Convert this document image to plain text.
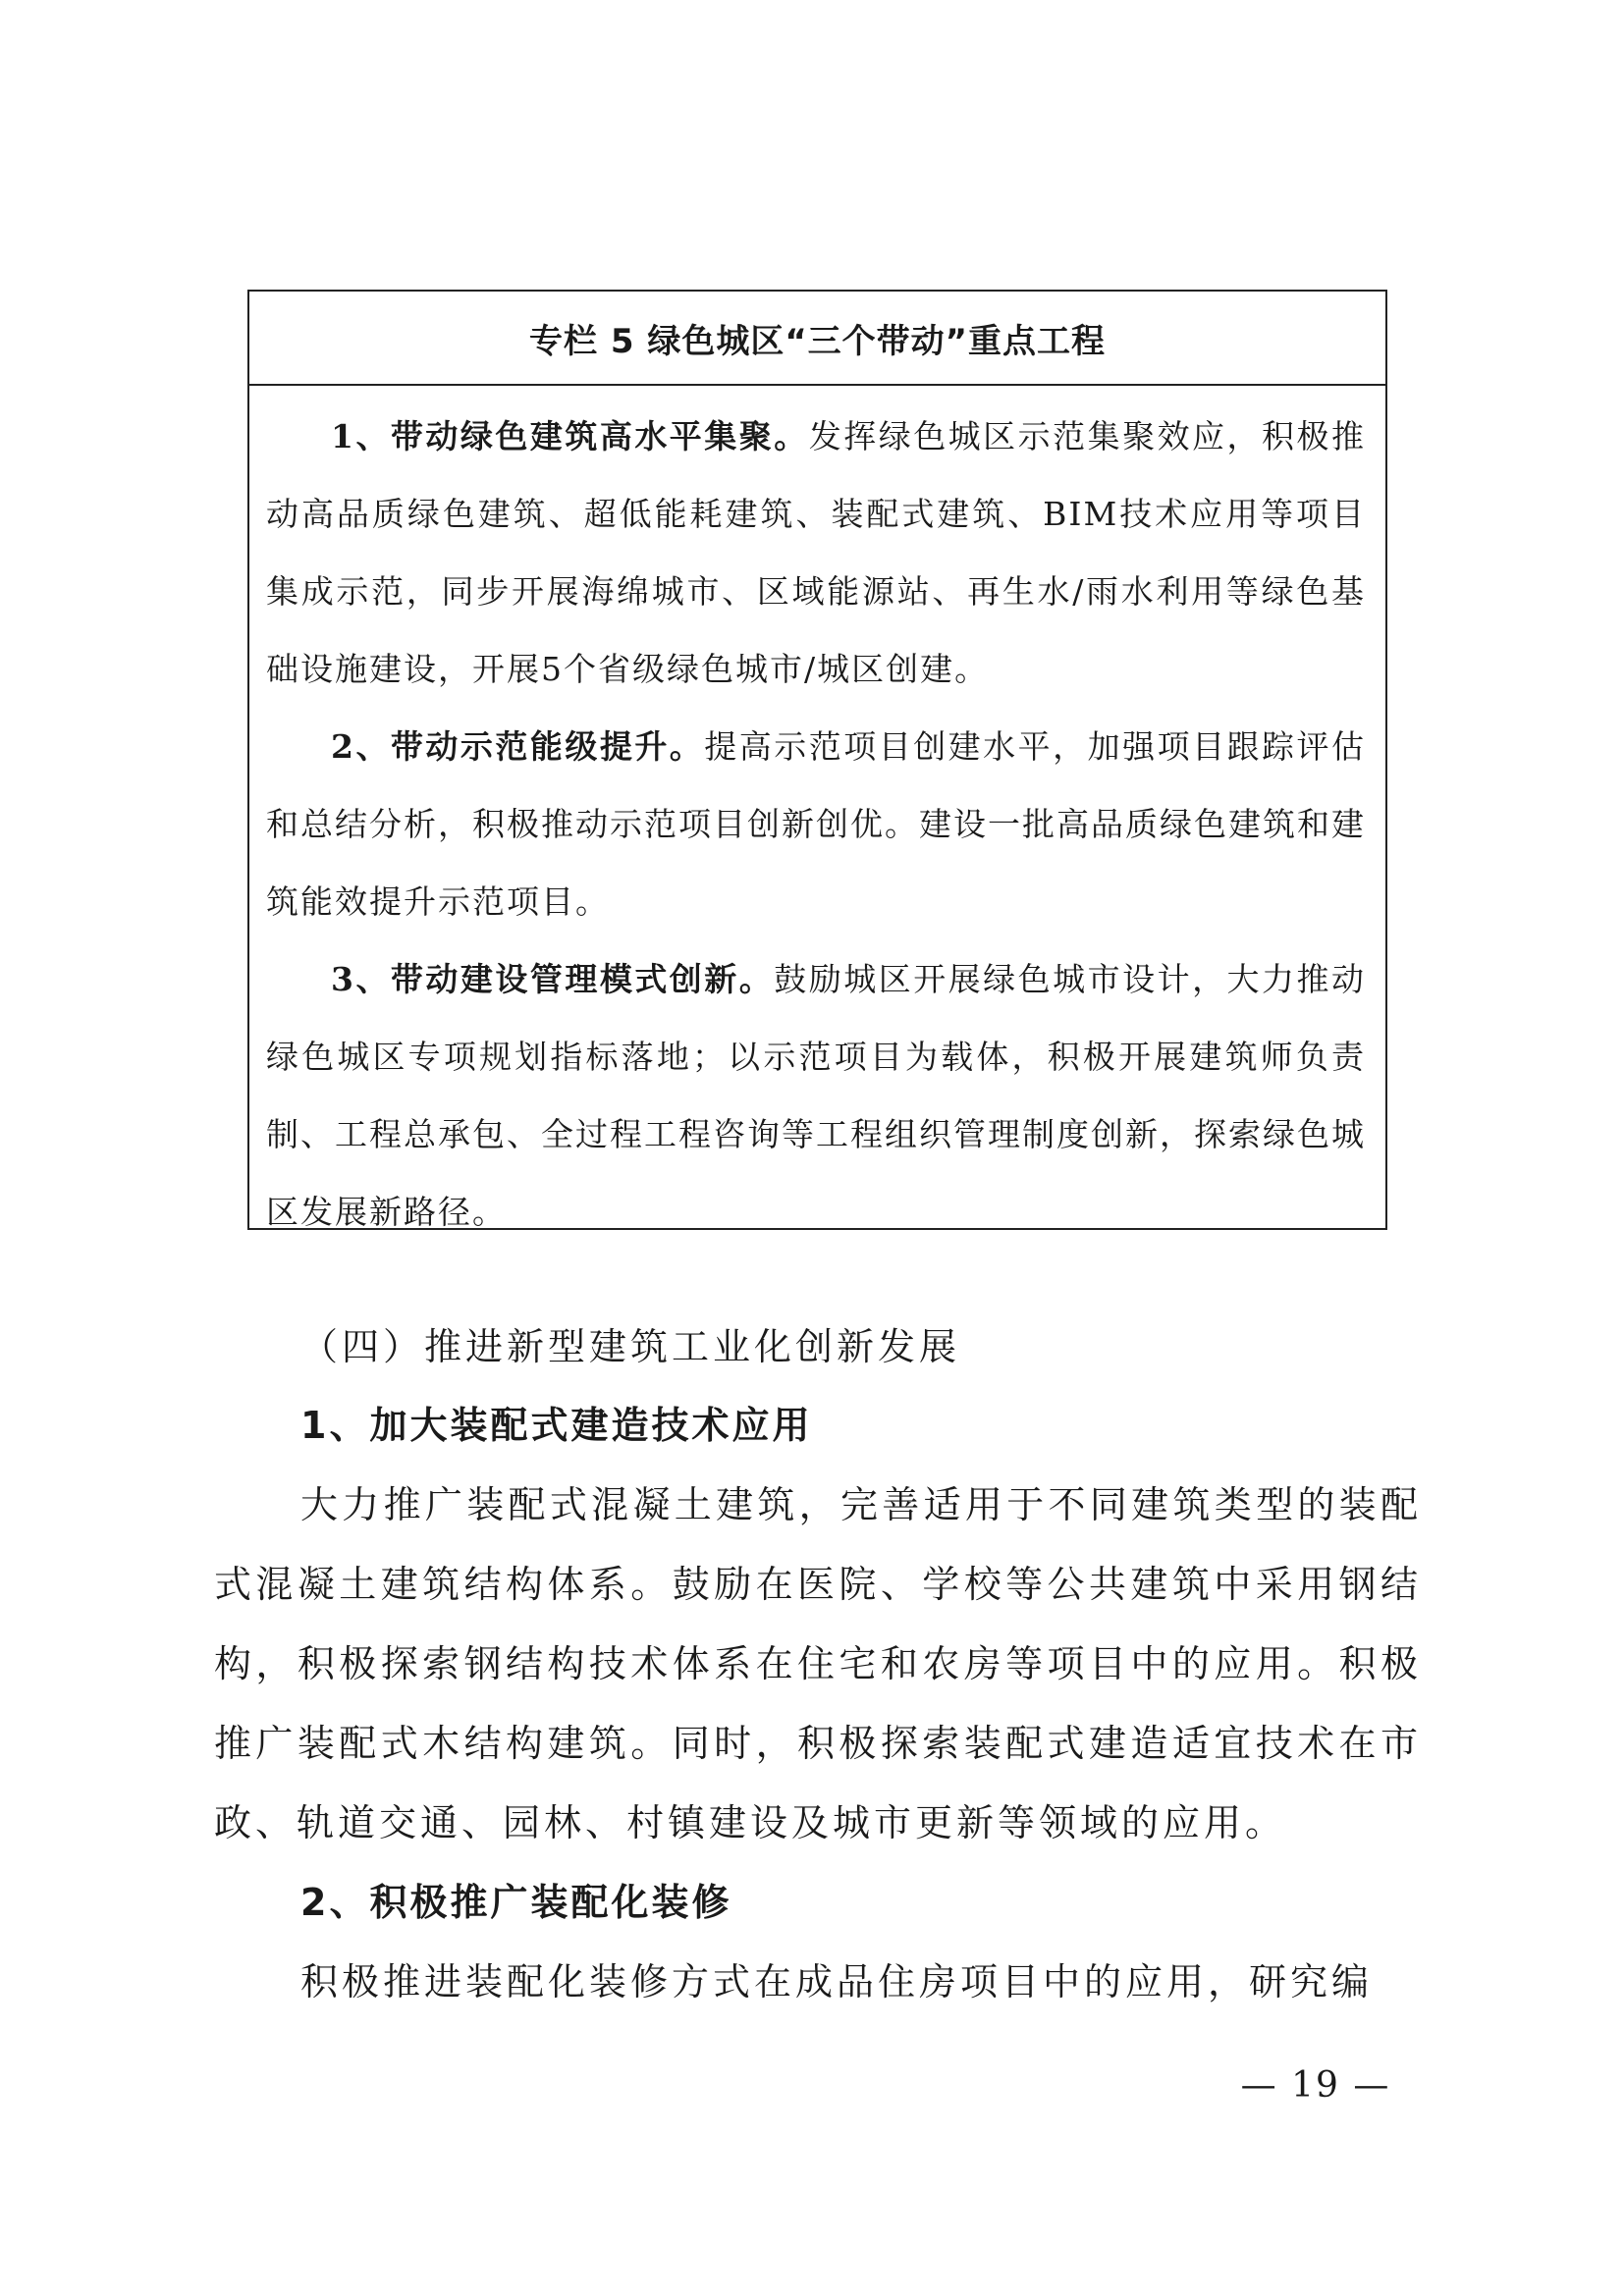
专栏 5 绿色城区“三个带动”重点工程

1、带动绿色建筑高水平集聚。发挥绿色城区示范集聚效应，积极推动高品质绿色建筑、超低能耗建筑、装配式建筑、BIM技术应用等项目集成示范，同步开展海绵城市、区域能源站、再生水/雨水利用等绿色基础设施建设，开展5个省级绿色城市/城区创建。

2、带动示范能级提升。提高示范项目创建水平，加强项目跟踪评估和总结分析，积极推动示范项目创新创优。建设一批高品质绿色建筑和建筑能效提升示范项目。

3、带动建设管理模式创新。鼓励城区开展绿色城市设计，大力推动绿色城区专项规划指标落地；以示范项目为载体，积极开展建筑师负责制、工程总承包、全过程工程咨询等工程组织管理制度创新，探索绿色城区发展新路径。

（四）推进新型建筑工业化创新发展

1、加大装配式建造技术应用

大力推广装配式混凝土建筑，完善适用于不同建筑类型的装配式混凝土建筑结构体系。鼓励在医院、学校等公共建筑中采用钢结构，积极探索钢结构技术体系在住宅和农房等项目中的应用。积极推广装配式木结构建筑。同时，积极探索装配式建造适宜技术在市政、轨道交通、园林、村镇建设及城市更新等领域的应用。

2、积极推广装配化装修

积极推进装配化装修方式在成品住房项目中的应用，研究编

— 19 —
